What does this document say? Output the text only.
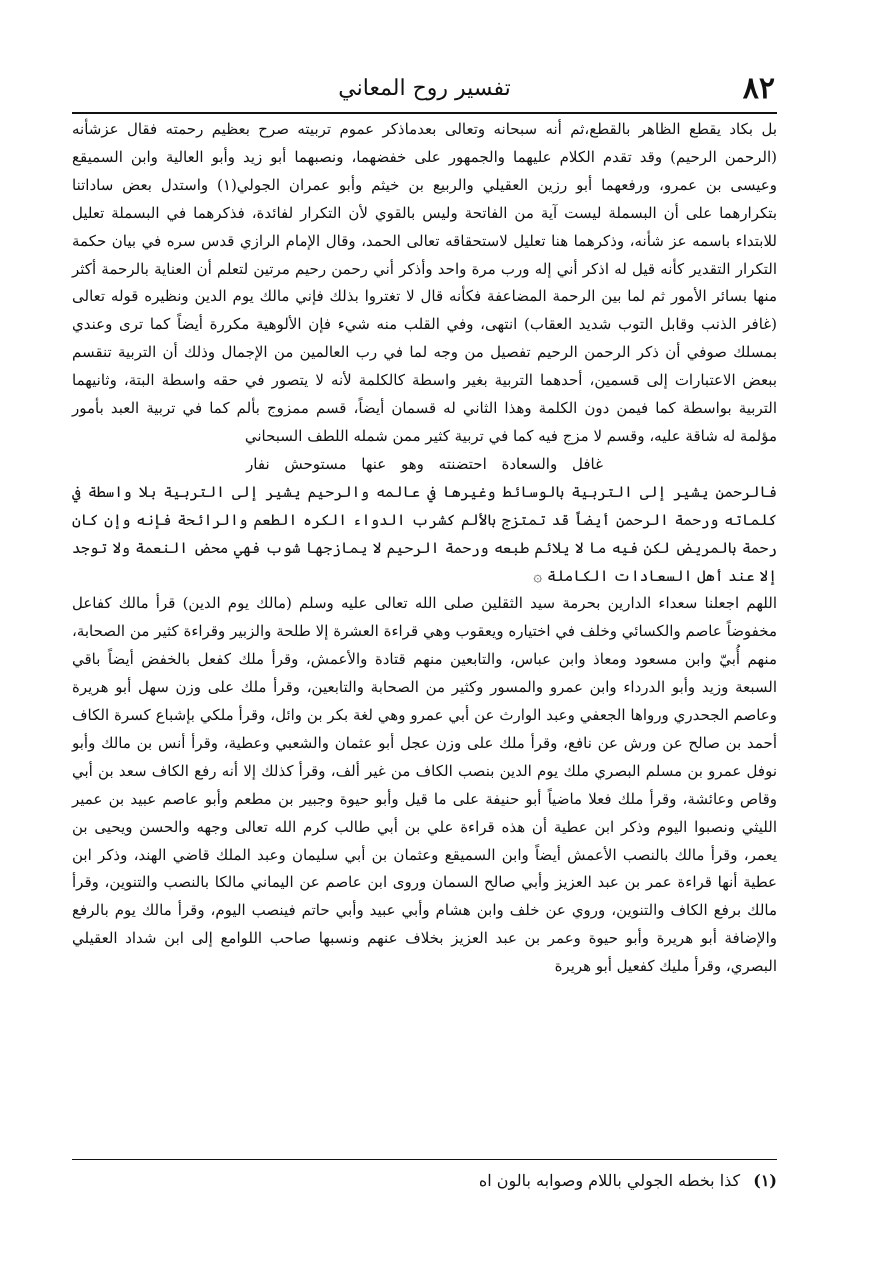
٨٢
تفسير روح المعاني

بل بكاد يقطع الظاهر بالقطع،ثم أنه سبحانه وتعالى بعدماذكر عموم تربيته صرح بعظيم رحمته فقال عزشأنه (الرحمن الرحيم) وقد تقدم الكلام عليهما والجمهور على خفضهما، ونصبهما أبو زيد وأبو العالية وابن السميقع وعيسى بن عمرو، ورفعهما أبو رزين العقيلي والربيع بن خيثم وأبو عمران الجولي(١) واستدل بعض ساداتنا بتكرارهما على أن البسملة ليست آية من الفاتحة وليس بالقوي لأن التكرار لفائدة، فذكرهما في البسملة تعليل للابتداء باسمه عز شأنه، وذكرهما هنا تعليل لاستحقاقه تعالى الحمد، وقال الإمام الرازي قدس سره في بيان حكمة التكرار التقدير كأنه قيل له اذكر أني إله ورب مرة واحد وأذكر أني رحمن رحيم مرتين لتعلم أن العناية بالرحمة أكثر منها بسائر الأمور ثم لما بين الرحمة المضاعفة فكأنه قال لا تغتروا بذلك فإني مالك يوم الدين ونظيره قوله تعالى (غافر الذنب وقابل التوب شديد العقاب) انتهى، وفي القلب منه شيء فإن الألوهية مكررة أيضاً كما ترى وعندي بمسلك صوفي أن ذكر الرحمن الرحيم تفصيل من وجه لما في رب العالمين من الإجمال وذلك أن التربية تنقسم ببعض الاعتبارات إلى قسمين، أحدهما التربية بغير واسطة كالكلمة لأنه لا يتصور في حقه واسطة البتة، وثانيهما التربية بواسطة كما فيمن دون الكلمة وهذا الثاني له قسمان أيضاً، قسم ممزوج بألم كما في تربية العبد بأمور مؤلمة له شاقة عليه، وقسم لا مزج فيه كما في تربية كثير ممن شمله اللطف السبحاني

غافل والسعادة احتضنته وهو عنها مستوحش نفار

فالرحمن يشير إلى التربية بالوسائط وغيرها في عالمه والرحيم يشير إلى التربية بلا واسطة في كلماته ورحمة الرحمن أيضاً قد تمتزج بالألم كشرب الدواء الكره الطعم والرائحة فإنه وإن كان رحمة بالمريض لكن فيه ما لا يلائم طبعه ورحمة الرحيم لا يمازجها شوب فهي محض النعمة ولا توجد إلا عند أهل السعادات الكاملة ۞

اللهم اجعلنا سعداء الدارين بحرمة سيد الثقلين صلى الله تعالى عليه وسلم (مالك يوم الدين) قرأ مالك كفاعل مخفوضاً عاصم والكسائي وخلف في اختياره ويعقوب وهي قراءة العشرة إلا طلحة والزبير وقراءة كثير من الصحابة، منهم أُبيّ وابن مسعود ومعاذ وابن عباس، والتابعين منهم قتادة والأعمش، وقرأ ملك كفعل بالخفض أيضاً باقي السبعة وزيد وأبو الدرداء وابن عمرو والمسور وكثير من الصحابة والتابعين، وقرأ ملك على وزن سهل أبو هريرة وعاصم الجحدري ورواها الجعفي وعبد الوارث عن أبي عمرو وهي لغة بكر بن وائل، وقرأ ملكي بإشباع كسرة الكاف أحمد بن صالح عن ورش عن نافع، وقرأ ملك على وزن عجل أبو عثمان والشعبي وعطية، وقرأ أنس بن مالك وأبو نوفل عمرو بن مسلم البصري ملك يوم الدين بنصب الكاف من غير ألف، وقرأ كذلك إلا أنه رفع الكاف سعد بن أبي وقاص وعائشة، وقرأ ملك فعلا ماضياً أبو حنيفة على ما قيل وأبو حيوة وجبير بن مطعم وأبو عاصم عبيد بن عمير الليثي ونصبوا اليوم وذكر ابن عطية أن هذه قراءة علي بن أبي طالب كرم الله تعالى وجهه والحسن ويحيى بن يعمر، وقرأ مالك بالنصب الأعمش أيضاً وابن السميقع وعثمان بن أبي سليمان وعبد الملك قاضي الهند، وذكر ابن عطية أنها قراءة عمر بن عبد العزيز وأبي صالح السمان وروى ابن عاصم عن اليماني مالكا بالنصب والتنوين، وقرأ مالك برفع الكاف والتنوين، وروي عن خلف وابن هشام وأبي عبيد وأبي حاتم فينصب اليوم، وقرأ مالك يوم بالرفع والإضافة أبو هريرة وأبو حيوة وعمر بن عبد العزيز بخلاف عنهم ونسبها صاحب اللوامع إلى ابن شداد العقيلي البصري، وقرأ مليك كفعيل أبو هريرة

(١) كذا بخطه الجولي باللام وصوابه بالون اه
